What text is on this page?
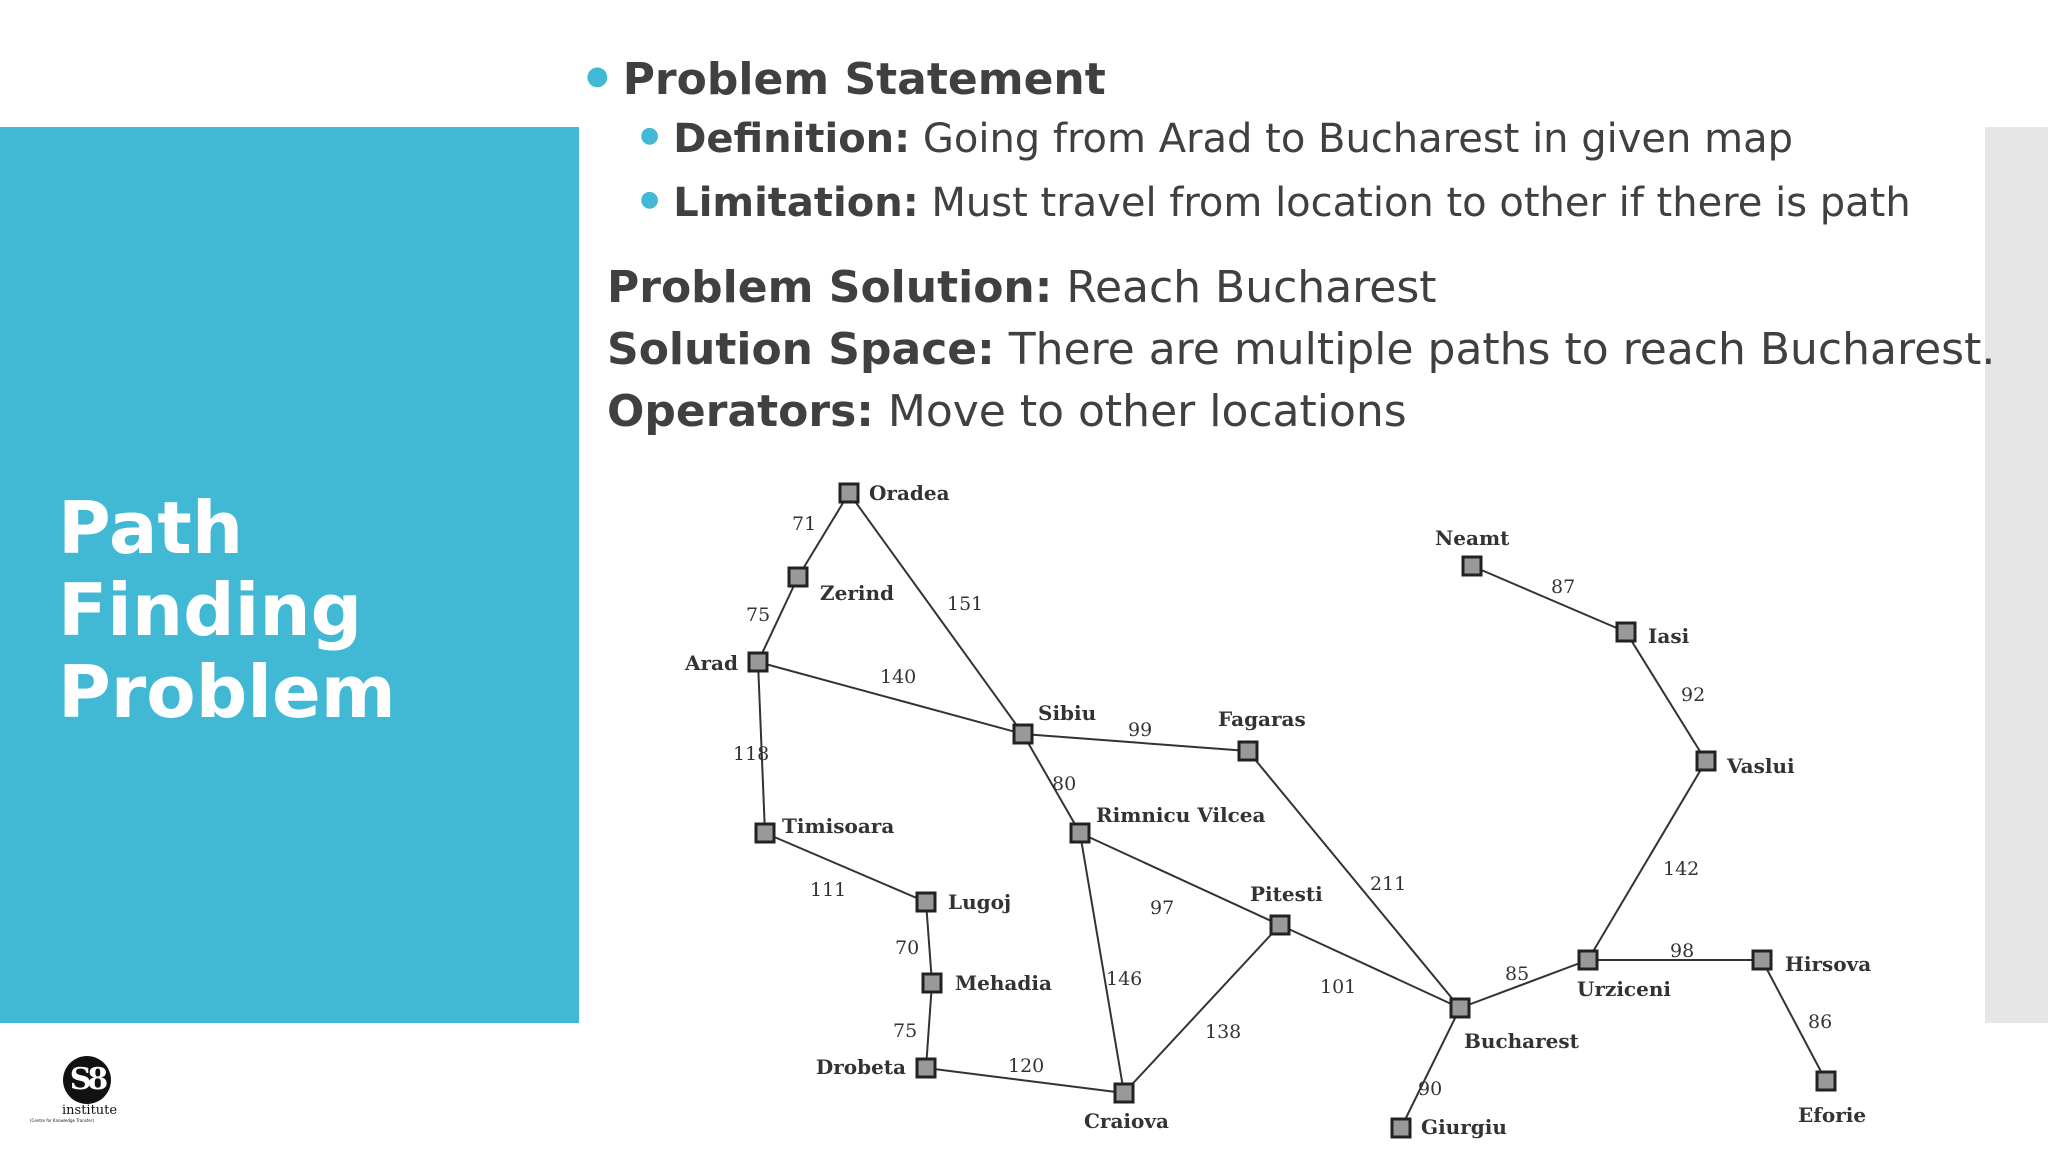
Path Finding Problem
S8
institute
(Centre for Knowledge Transfer)
● Problem Statement
● Definition: Going from Arad to Bucharest in given map
● Limitation: Must travel from location to other if there is path
Problem Solution: Reach Bucharest
Solution Space: There are multiple paths to reach Bucharest.
Operators: Move to other locations
71
75	151
140
118
111
70
75
120
99
80
97
146
138
211
101
90
85
98
86
142
92
87
Oradea
Zerind
Arad
Timisoara
Lugoj
Mehadia
Drobeta
Sibiu	Fagaras
Rimnicu Vilcea
Pitesti
Craiova
Bucharest
Giurgiu
Urziceni
Hirsova
Eforie
Vaslui
Iasi
Neamt
